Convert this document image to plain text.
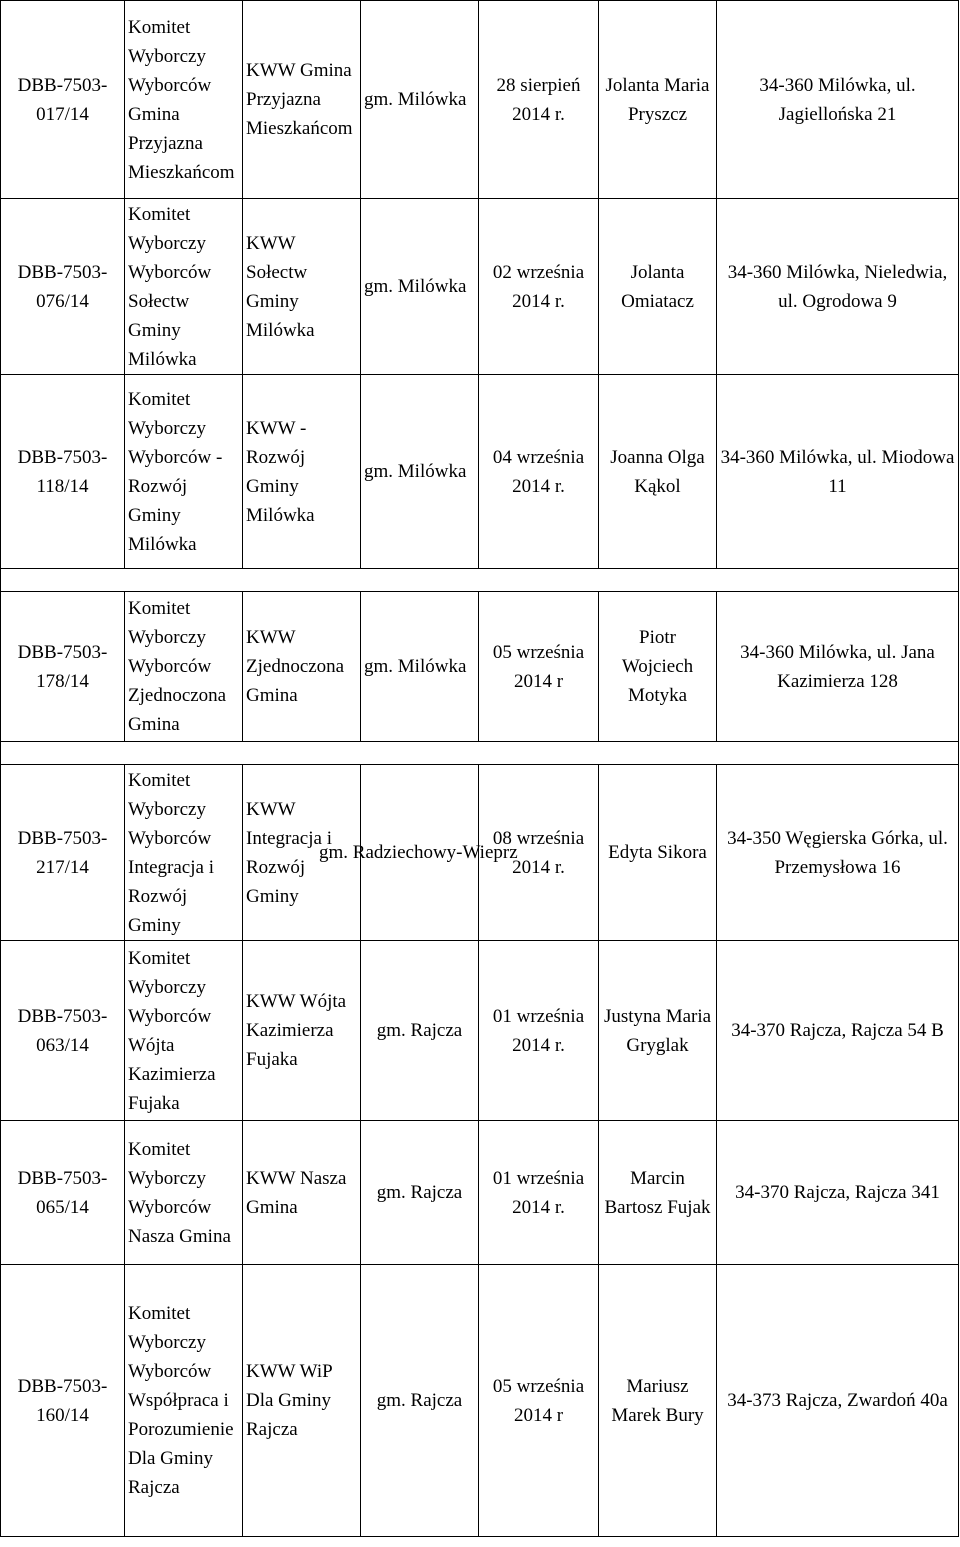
DBB-7503-017/14	Komitet Wyborczy Wyborców Gmina Przyjazna Mieszkańcom	KWW Gmina Przyjazna Mieszkańcom	gm. Milówka	28 sierpień 2014 r.	Jolanta Maria Pryszcz	34-360 Milówka, ul. Jagiellońska 21
DBB-7503-076/14	Komitet Wyborczy Wyborców Sołectw Gminy Milówka	KWW Sołectw Gminy Milówka	gm. Milówka	02 września 2014 r.	Jolanta Omiatacz	34-360 Milówka, Nieledwia, ul. Ogrodowa 9
DBB-7503-118/14	Komitet Wyborczy Wyborców - Rozwój Gminy Milówka	KWW - Rozwój Gminy Milówka	gm. Milówka	04 września 2014 r.	Joanna Olga Kąkol	34-360 Milówka, ul. Miodowa 11

DBB-7503-178/14	Komitet Wyborczy Wyborców Zjednoczona Gmina	KWW Zjednoczona Gmina	gm. Milówka	05 września 2014 r	Piotr Wojciech Motyka	34-360 Milówka, ul. Jana Kazimierza 128

DBB-7503-217/14	Komitet Wyborczy Wyborców Integracja i Rozwój Gminy	KWW Integracja i Rozwój Gminy	gm. Radziechowy-Wieprz	08 września 2014 r.	Edyta Sikora	34-350 Węgierska Górka, ul. Przemysłowa 16
DBB-7503-063/14	Komitet Wyborczy Wyborców Wójta Kazimierza Fujaka	KWW Wójta Kazimierza Fujaka	gm. Rajcza	01 września 2014 r.	Justyna Maria Gryglak	34-370 Rajcza, Rajcza 54 B
DBB-7503-065/14	Komitet Wyborczy Wyborców Nasza Gmina	KWW Nasza Gmina	gm. Rajcza	01 września 2014 r.	Marcin Bartosz Fujak	34-370 Rajcza, Rajcza 341
DBB-7503-160/14	Komitet Wyborczy Wyborców Współpraca i Porozumienie Dla Gminy Rajcza	KWW WiP Dla Gminy Rajcza	gm. Rajcza	05 września 2014 r	Mariusz Marek Bury	34-373 Rajcza, Zwardoń 40a
